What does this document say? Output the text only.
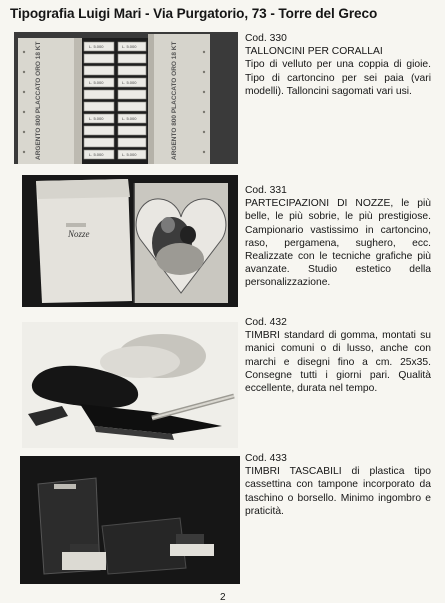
Tipografia Luigi Mari - Via Purgatorio, 73 - Torre del Greco
L. 5.000	L. 5.000
L. 5.000	L. 5.000
L. 5.000	L. 5.000
L. 5.000	L. 5.000
ARGENTO 800 PLACCATO ORO 18 KT	ARGENTO 800 PLACCATO ORO 18 KT
Cod. 330
TALLONCINI PER CORALLAI

Tipo di velluto per una coppia di gioie. Tipo di cartoncino per sei paia (vari modelli). Talloncini sagomati vari usi.

Nozze
Cod. 331

PARTECIPAZIONI DI NOZZE, le più belle, le più sobrie, le più prestigiose. Campionario vastissimo in cartoncino, raso, pergamena, sughero, ecc. Realizzate con le tecniche grafiche più avanzate. Studio estetico della personalizzazione.

Cod. 432

TIMBRI standard di gomma, montati su manici comuni o di lusso, anche con marchi e disegni fino a cm. 25x35. Consegne tutti i giorni pari. Qualità eccellente, durata nel tempo.

Cod. 433

TIMBRI TASCABILI di plastica tipo cassettina con tampone incorporato da taschino o borsello. Minimo ingombro e praticità.

2
